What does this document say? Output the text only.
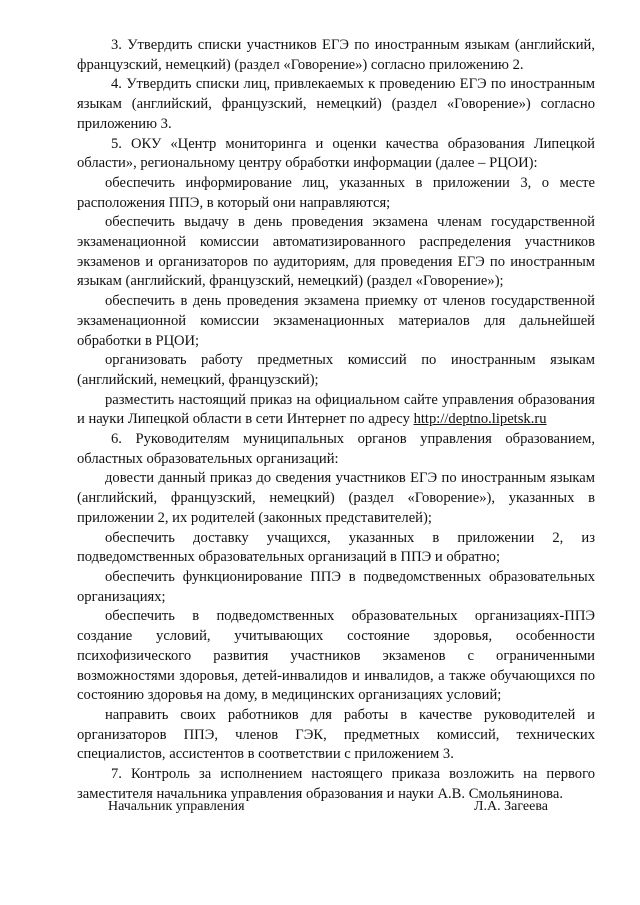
3. Утвердить списки участников ЕГЭ по иностранным языкам (английский, французский, немецкий) (раздел «Говорение») согласно приложению 2.

4. Утвердить списки лиц, привлекаемых к проведению ЕГЭ по иностранным языкам (английский, французский, немецкий) (раздел «Говорение») согласно приложению 3.

5. ОКУ «Центр мониторинга и оценки качества образования Липецкой области», региональному центру обработки информации (далее – РЦОИ):

обеспечить информирование лиц, указанных в приложении 3, о месте расположения ППЭ, в который они направляются;

обеспечить выдачу в день проведения экзамена членам государственной экзаменационной комиссии автоматизированного распределения участников экзаменов и организаторов по аудиториям, для проведения ЕГЭ по иностранным языкам (английский, французский, немецкий) (раздел «Говорение»);

обеспечить в день проведения экзамена приемку от членов государственной экзаменационной комиссии экзаменационных материалов для дальнейшей обработки в РЦОИ;

организовать работу предметных комиссий по иностранным языкам (английский, немецкий, французский);

разместить настоящий приказ на официальном сайте управления образования и науки Липецкой области в сети Интернет по адресу http://deptno.lipetsk.ru

6. Руководителям муниципальных органов управления образованием, областных образовательных организаций:

довести данный приказ до сведения участников ЕГЭ по иностранным языкам (английский, французский, немецкий) (раздел «Говорение»), указанных в приложении 2, их родителей (законных представителей);

обеспечить доставку учащихся, указанных в приложении 2, из подведомственных образовательных организаций в ППЭ и обратно;

обеспечить функционирование ППЭ в подведомственных образовательных организациях;

обеспечить в подведомственных образовательных организациях-ППЭ создание условий, учитывающих состояние здоровья, особенности психофизического развития участников экзаменов с ограниченными возможностями здоровья, детей-инвалидов и инвалидов, а также обучающихся по состоянию здоровья на дому, в медицинских организациях условий;

направить своих работников для работы в качестве руководителей и организаторов ППЭ, членов ГЭК, предметных комиссий, технических специалистов, ассистентов в соответствии с приложением 3.

7. Контроль за исполнением настоящего приказа возложить на первого заместителя начальника управления образования и науки А.В. Смольянинова.

Начальник управления	Л.А. Загеева
